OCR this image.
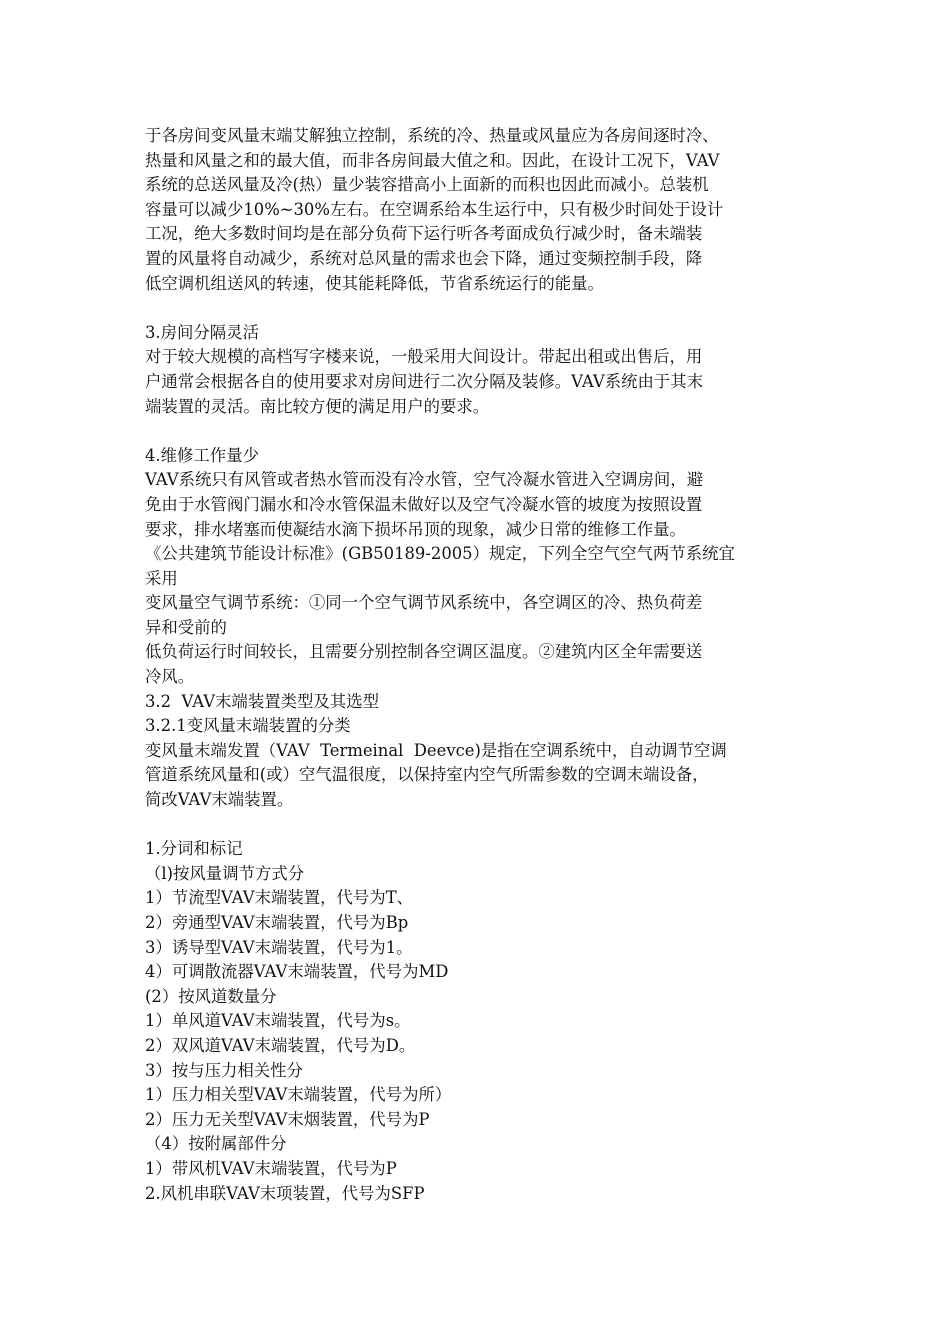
于各房间变风量末端艾解独立控制，系统的冷、热量或风量应为各房间逐时冷、
热量和风量之和的最大值，而非各房间最大值之和。因此，在设计工况下，VAV
系统的总送风量及冷(热）量少装容措高小上面新的而积也因此而减小。总装机
容量可以减少10%~30%左右。在空调系给本生运行中，只有极少时间处于设计
工况，绝大多数时间均是在部分负荷下运行听各考面成负行减少时，备未端装
置的风量将自动减少，系统对总风量的需求也会下降，通过变频控制手段，降
低空调机组送风的转速，使其能耗降低，节省系统运行的能量。
3.房间分隔灵活
对于较大规模的高档写字楼来说，一般采用大间设计。带起出租或出售后，用
户通常会根据各自的使用要求对房间进行二次分隔及装修。VAV系统由于其末
端装置的灵活。南比较方便的满足用户的要求。
4.维修工作量少
VAV系统只有风管或者热水管而没有冷水管，空气冷凝水管进入空调房间，避
免由于水管阀门漏水和冷水管保温未做好以及空气冷凝水管的坡度为按照设置
要求，排水堵塞而使凝结水滴下损坏吊顶的现象，减少日常的维修工作量。
《公共建筑节能设计标准》(GB50189-2005）规定，下列全空气空气两节系统宜
采用
变风量空气调节系统：①同一个空气调节风系统中，各空调区的冷、热负荷差
异和受前的
低负荷运行时间较长，且需要分别控制各空调区温度。②建筑内区全年需要送
冷风。
3.2  VAV末端装置类型及其选型
3.2.1变风量末端装置的分类
变风量末端发置（VAV  Termeinal  Deevce)是指在空调系统中，自动调节空调
管道系统风量和(或）空气温很度，以保持室内空气所需参数的空调末端设备，
简改VAV末端装置。
1.分词和标记
（l)按风量调节方式分
1）节流型VAV末端装置，代号为T、
2）旁通型VAV末端装置，代号为Bp
3）诱导型VAV末端装置，代号为1。
4）可调散流器VAV末端装置，代号为MD
(2）按风道数量分
1）单风道VAV末端装置，代号为s。
2）双风道VAV末端装置，代号为D。
3）按与压力相关性分
1）压力相关型VAV末端装置，代号为所）
2）压力无关型VAV末烟装置，代号为P
（4）按附属部件分
1）带风机VAV末端装置，代号为P
2.风机串联VAV末项装置，代号为SFP
